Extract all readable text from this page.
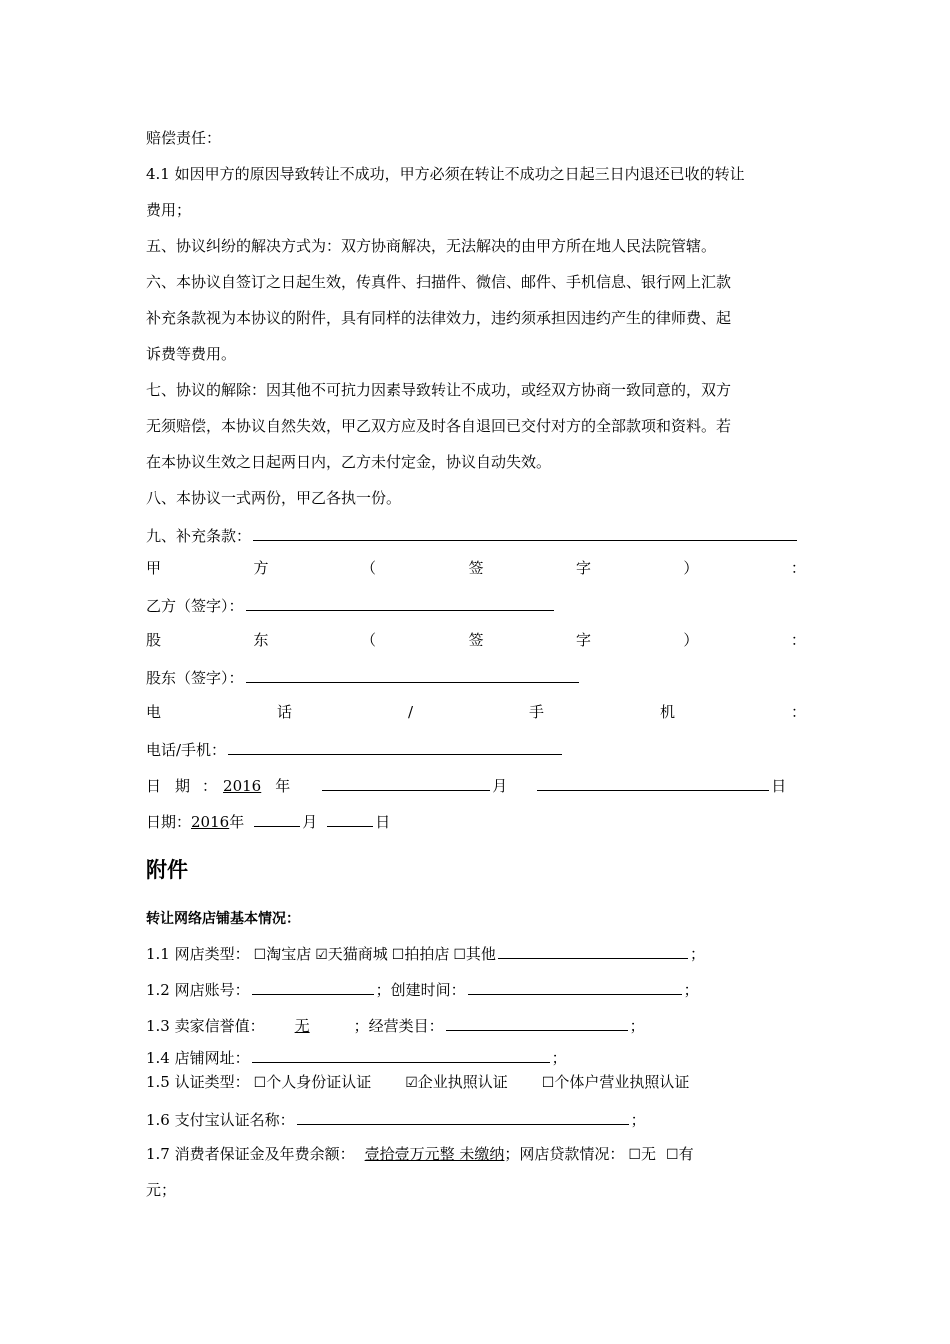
赔偿责任：
4.1 如因甲方的原因导致转让不成功，甲方必须在转让不成功之日起三日内退还已收的转让
费用；
五、协议纠纷的解决方式为：双方协商解决，无法解决的由甲方所在地人民法院管辖。
六、本协议自签订之日起生效，传真件、扫描件、微信、邮件、手机信息、银行网上汇款
补充条款视为本协议的附件，具有同样的法律效力，违约须承担因违约产生的律师费、起
诉费等费用。
七、协议的解除：因其他不可抗力因素导致转让不成功，或经双方协商一致同意的，双方
无须赔偿，本协议自然失效，甲乙双方应及时各自退回已交付对方的全部款项和资料。若
在本协议生效之日起两日内，乙方未付定金，协议自动失效。
八、本协议一式两份，甲乙各执一份。
九、补充条款：
甲	方	（	签	字	）	：
乙方（签字）：
股	东	（	签	字	）	：
股东（签字）：
电	话	/	手	机	：
电话/手机：
日 期 ： 2016 年	月	日
日期：2016年	月	日
附件
转让网络店铺基本情况：
1.1 网店类型： ☐淘宝店 ☑天猫商城 ☐拍拍店 ☐其他	；
1.2 网店账号：	；创建时间：	；
1.3 卖家信誉值： 无	；经营类目：	；
1.4 店铺网址：	；
1.5 认证类型： ☐个人身份证认证 ☑企业执照认证 ☐个体户营业执照认证
1.6 支付宝认证名称：	；
1.7 消费者保证金及年费余额： 壹拾壹万元整 未缴纳；网店贷款情况： ☐无 ☐有
元；
